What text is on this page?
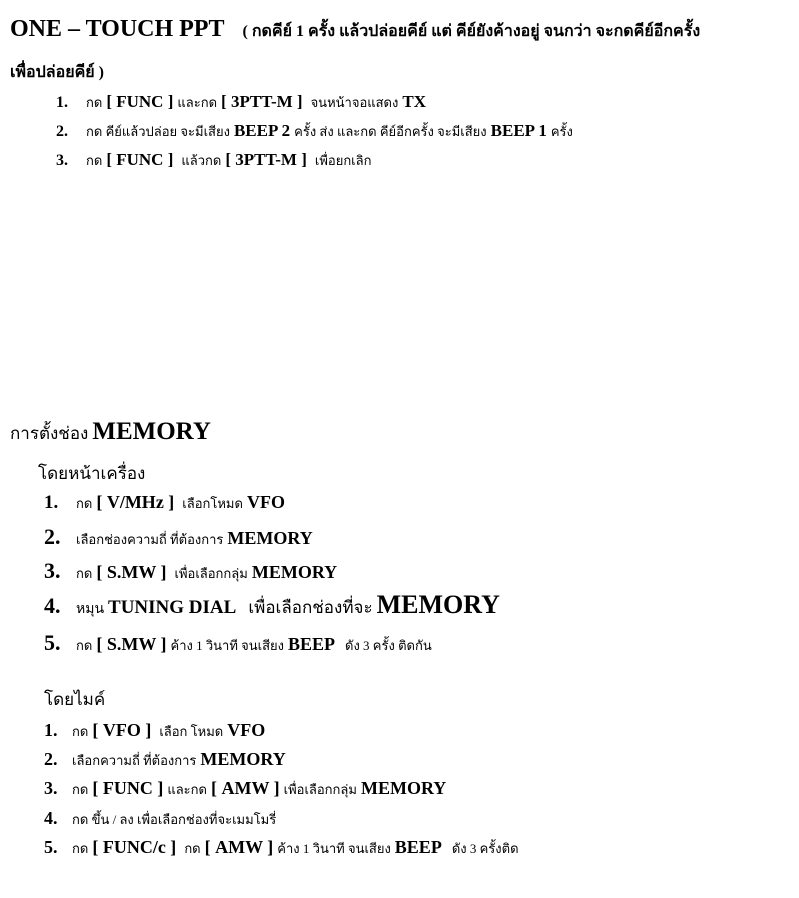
ONE – TOUCH PPT ( กดคีย์ 1 ครั้ง แล้วปล่อยคีย์ แต่ คีย์ยังค้างอยู่ จนกว่า จะกดคีย์อีกครั้ง
เพื่อปล่อยคีย์ )
1. กด [ FUNC ] และกด [ 3PTT-M ] จนหน้าจอแสดง TX
2. กด คีย์แล้วปล่อย จะมีเสียง BEEP 2 ครั้ง ส่ง และกด คีย์อีกครั้ง จะมีเสียง BEEP 1 ครั้ง
3. กด [ FUNC ] แล้วกด [ 3PTT-M ] เพื่อยกเลิก
การตั้งช่อง MEMORY
โดยหน้าเครื่อง
1. กด [ V/MHz ] เลือกโหมด VFO
2. เลือกช่องความถี่ ที่ต้องการ MEMORY
3. กด [ S.MW ] เพื่อเลือกกลุ่ม MEMORY
4. หมุน TUNING DIAL เพื่อเลือกช่องที่จะ MEMORY
5. กด [ S.MW ] ค้าง 1 วินาที จนเสียง BEEP ดัง 3 ครั้ง ติดกัน
โดยไมค์
1. กด [ VFO ] เลือก โหมด VFO
2. เลือกความถี่ ที่ต้องการ MEMORY
3. กด [ FUNC ] และกด [ AMW ] เพื่อเลือกกลุ่ม MEMORY
4. กด ขึ้น / ลง เพื่อเลือกช่องที่จะเมมโมรี่
5. กด [ FUNC/c ] กด [ AMW ] ค้าง 1 วินาที จนเสียง BEEP ดัง 3 ครั้งติด
